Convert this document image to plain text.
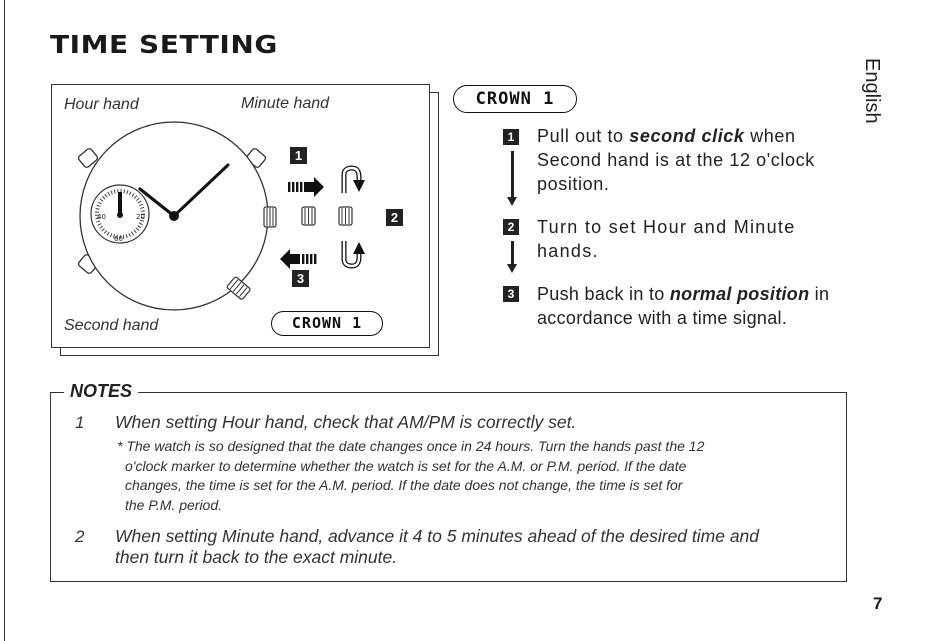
TIME SETTING
English
40	20
60
Hour hand	Minute hand
Second hand
1
2
3
CROWN 1
CROWN 1
1 Pull out to second click when Second hand is at the 12 o'clock position.
2 Turn to set Hour and Minute hands.
3 Push back in to normal position in accordance with a time signal.
NOTES
1 When setting Hour hand, check that AM/PM is correctly set.
* The watch is so designed that the date changes once in 24 hours. Turn the hands past the 12
o'clock marker to determine whether the watch is set for the A.M. or P.M. period. If the date
changes, the time is set for the A.M. period. If the date does not change, the time is set for
the P.M. period.
2 When setting Minute hand, advance it 4 to 5 minutes ahead of the desired time and
then turn it back to the exact minute.
7
